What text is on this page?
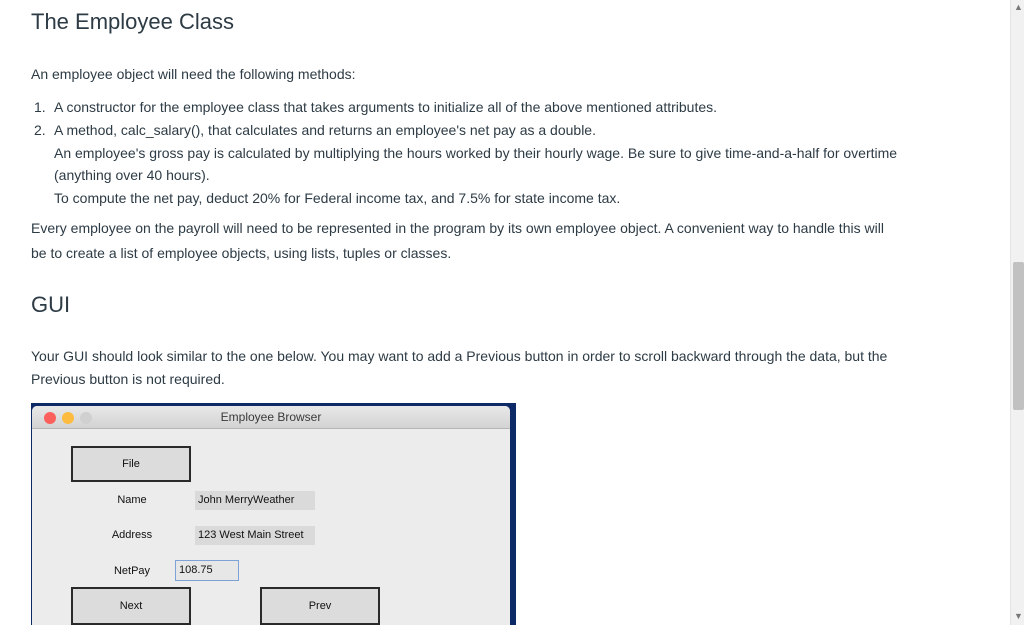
The Employee Class
An employee object will need the following methods:
1. A constructor for the employee class that takes arguments to initialize all of the above mentioned attributes.
2. A method, calc_salary(), that calculates and returns an employee's net pay as a double.
An employee's gross pay is calculated by multiplying the hours worked by their hourly wage. Be sure to give time-and-a-half for overtime
(anything over 40 hours).
To compute the net pay, deduct 20% for Federal income tax, and 7.5% for state income tax.
Every employee on the payroll will need to be represented in the program by its own employee object. A convenient way to handle this will
be to create a list of employee objects, using lists, tuples or classes.
GUI
Your GUI should look similar to the one below. You may want to add a Previous button in order to scroll backward through the data, but the
Previous button is not required.
Employee Browser
File
Name	John MerryWeather
Address	123 West Main Street
NetPay	108.75
Next	Prev
▲
▼
